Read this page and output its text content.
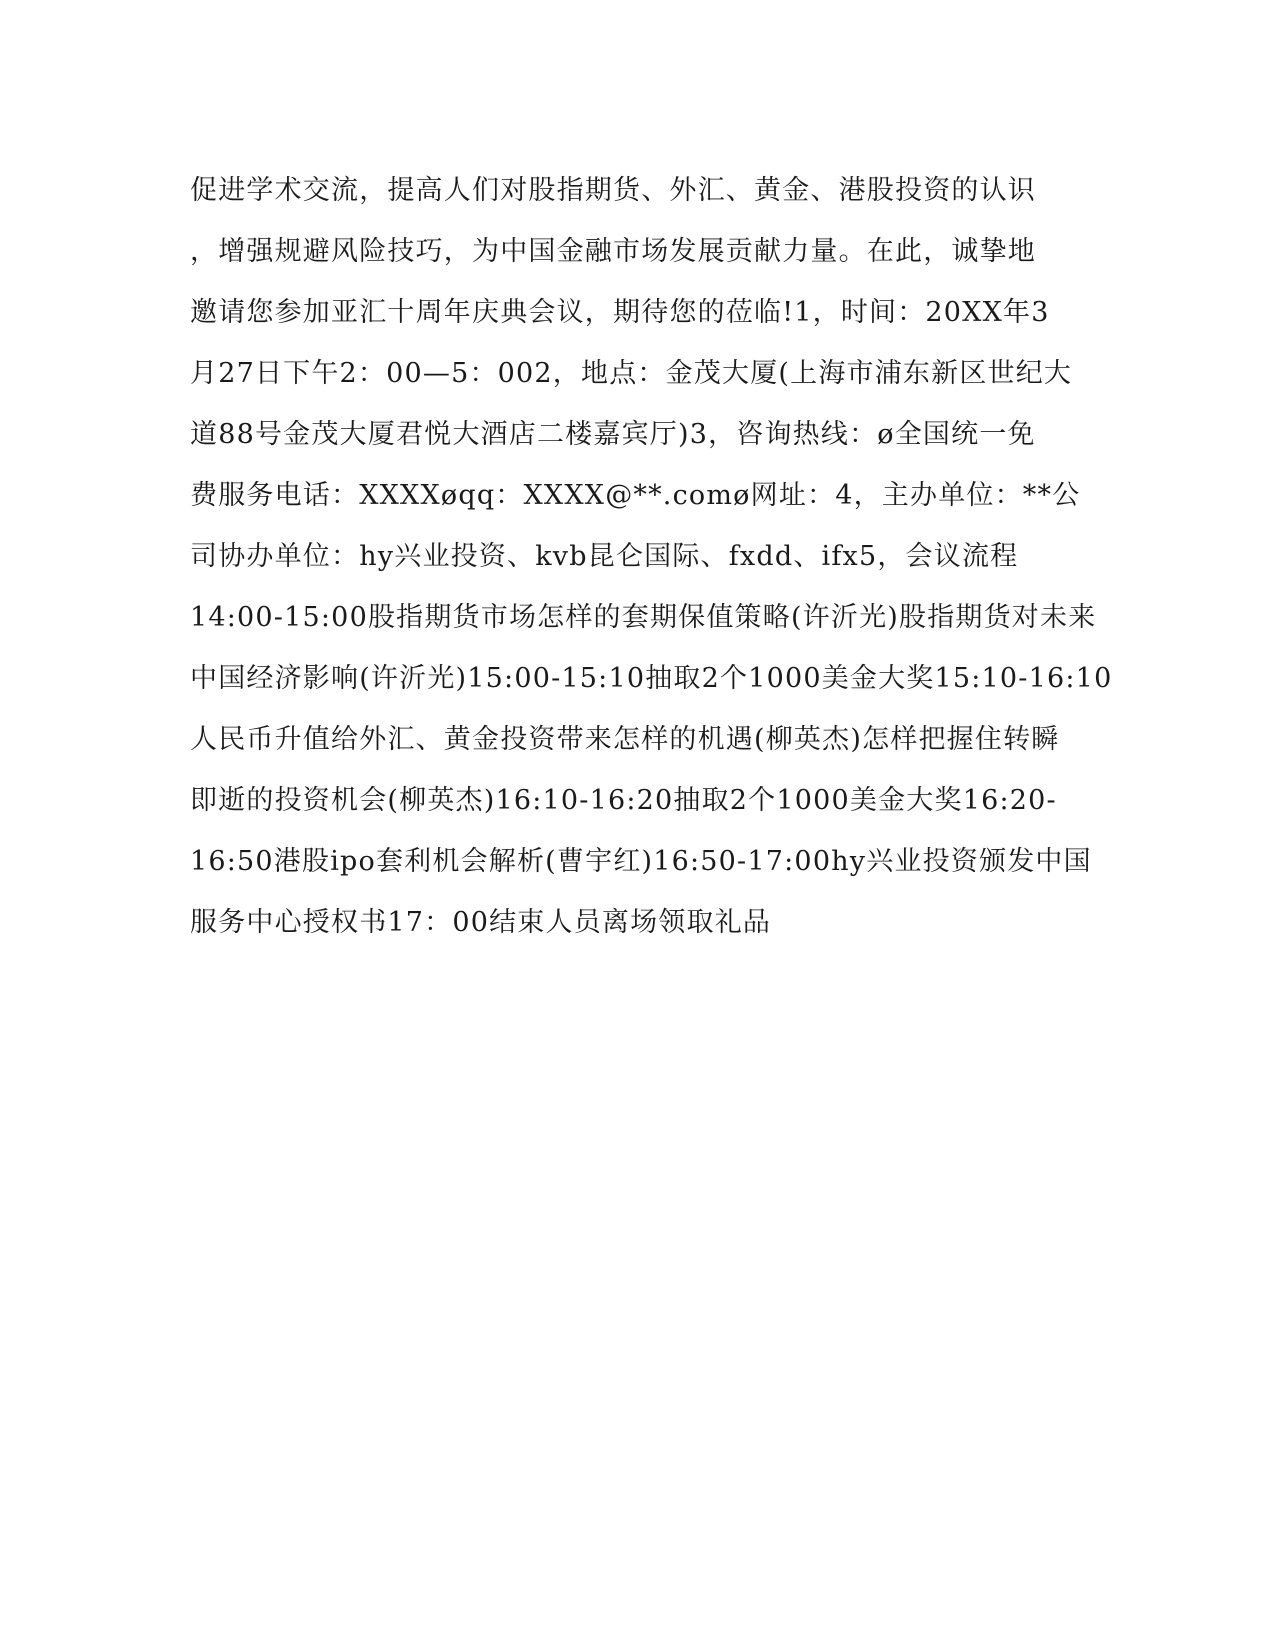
促进学术交流，提高人们对股指期货、外汇、黄金、港股投资的认识
，增强规避风险技巧，为中国金融市场发展贡献力量。在此，诚挚地
邀请您参加亚汇十周年庆典会议，期待您的莅临!1，时间：20XX年3
月27日下午2：00—5：002，地点：金茂大厦(上海市浦东新区世纪大
道88号金茂大厦君悦大酒店二楼嘉宾厅)3，咨询热线：ø全国统一免
费服务电话：XXXXøqq：XXXX@**.comø网址：4，主办单位：**公
司协办单位：hy兴业投资、kvb昆仑国际、fxdd、ifx5，会议流程
14:00-15:00股指期货市场怎样的套期保值策略(许沂光)股指期货对未来
中国经济影响(许沂光)15:00-15:10抽取2个1000美金大奖15:10-16:10
人民币升值给外汇、黄金投资带来怎样的机遇(柳英杰)怎样把握住转瞬
即逝的投资机会(柳英杰)16:10-16:20抽取2个1000美金大奖16:20-
16:50港股ipo套利机会解析(曹宇红)16:50-17:00hy兴业投资颁发中国
服务中心授权书17：00结束人员离场领取礼品
